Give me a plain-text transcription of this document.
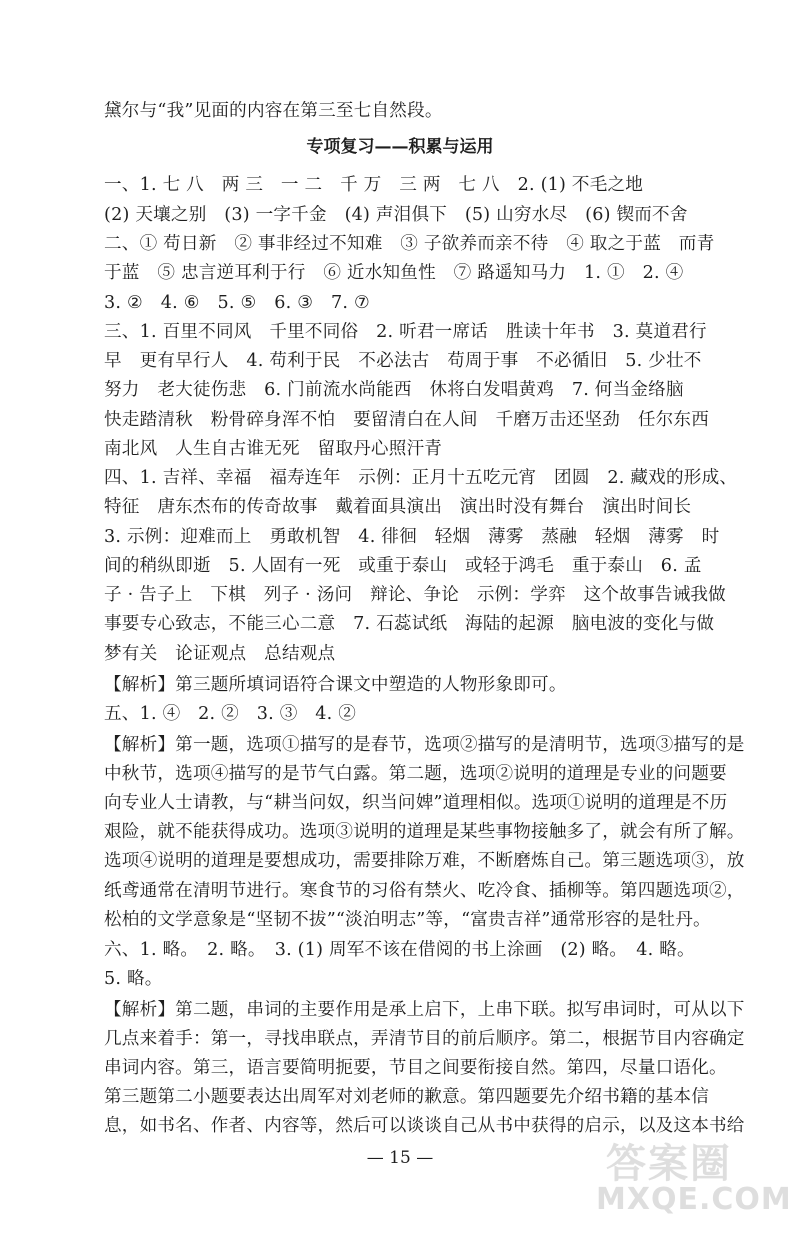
黛尔与“我”见面的内容在第三至七自然段。
专项复习——积累与运用
一、1. 七 八　两 三　一 二　千 万　三 两　七 八　2. (1) 不毛之地
(2) 天壤之别　(3) 一字千金　(4) 声泪俱下　(5) 山穷水尽　(6) 锲而不舍
二、① 苟日新　② 事非经过不知难　③ 子欲养而亲不待　④ 取之于蓝　而青
于蓝　⑤ 忠言逆耳利于行　⑥ 近水知鱼性　⑦ 路遥知马力　1. ①　2. ④
3. ②　4. ⑥　5. ⑤　6. ③　7. ⑦
三、1. 百里不同风　千里不同俗　2. 听君一席话　胜读十年书　3. 莫道君行
早　更有早行人　4. 苟利于民　不必法古　苟周于事　不必循旧　5. 少壮不
努力　老大徒伤悲　6. 门前流水尚能西　休将白发唱黄鸡　7. 何当金络脑
快走踏清秋　粉骨碎身浑不怕　要留清白在人间　千磨万击还坚劲　任尔东西
南北风　人生自古谁无死　留取丹心照汗青
四、1. 吉祥、幸福　福寿连年　示例：正月十五吃元宵　团圆　2. 藏戏的形成、
特征　唐东杰布的传奇故事　戴着面具演出　演出时没有舞台　演出时间长
3. 示例：迎难而上　勇敢机智　4. 徘徊　轻烟　薄雾　蒸融　轻烟　薄雾　时
间的稍纵即逝　5. 人固有一死　或重于泰山　或轻于鸿毛　重于泰山　6. 孟
子 · 告子上　下棋　列子 · 汤问　辩论、争论　示例：学弈　这个故事告诫我做
事要专心致志，不能三心二意　7. 石蕊试纸　海陆的起源　脑电波的变化与做
梦有关　论证观点　总结观点
【解析】第三题所填词语符合课文中塑造的人物形象即可。
五、1. ④　2. ②　3. ③　4. ②
【解析】第一题，选项①描写的是春节，选项②描写的是清明节，选项③描写的是
中秋节，选项④描写的是节气白露。第二题，选项②说明的道理是专业的问题要
向专业人士请教，与“耕当问奴，织当问婢”道理相似。选项①说明的道理是不历
艰险，就不能获得成功。选项③说明的道理是某些事物接触多了，就会有所了解。
选项④说明的道理是要想成功，需要排除万难，不断磨炼自己。第三题选项③，放
纸鸢通常在清明节进行。寒食节的习俗有禁火、吃冷食、插柳等。第四题选项②，
松柏的文学意象是“坚韧不拔”“淡泊明志”等，“富贵吉祥”通常形容的是牡丹。
六、1. 略。　2. 略。　3. (1) 周军不该在借阅的书上涂画　(2) 略。　4. 略。
5. 略。
【解析】第二题，串词的主要作用是承上启下，上串下联。拟写串词时，可从以下
几点来着手：第一，寻找串联点，弄清节目的前后顺序。第二，根据节目内容确定
串词内容。第三，语言要简明扼要，节目之间要衔接自然。第四，尽量口语化。
第三题第二小题要表达出周军对刘老师的歉意。第四题要先介绍书籍的基本信
息，如书名、作者、内容等，然后可以谈谈自己从书中获得的启示，以及这本书给
— 15 —	答案圈
MXQE.COM
